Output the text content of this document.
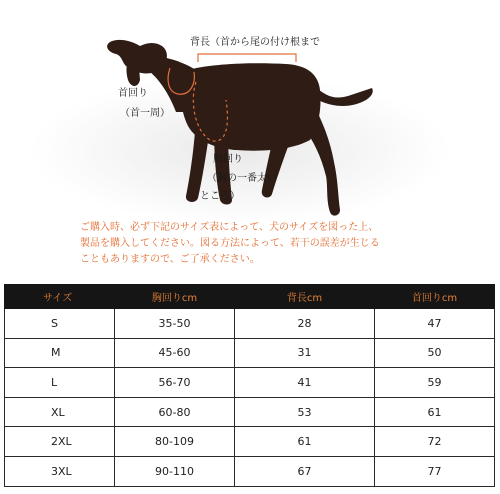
背長（首から尾の付け根まで
首回り
（首一周）
胸回り
（胸の一番太い
ところ）
ご購入時、必ず下記のサイズ表によって、犬のサイズを図った上、
製品を購入してください。図る方法によって、若干の誤差が生じる
こともありますので、ご了承ください。
サイズ	胸回りcm	背長cm	首回りcm
S	35-50	28	47
M	45-60	31	50
L	56-70	41	59
XL	60-80	53	61
2XL	80-109	61	72
3XL	90-110	67	77
